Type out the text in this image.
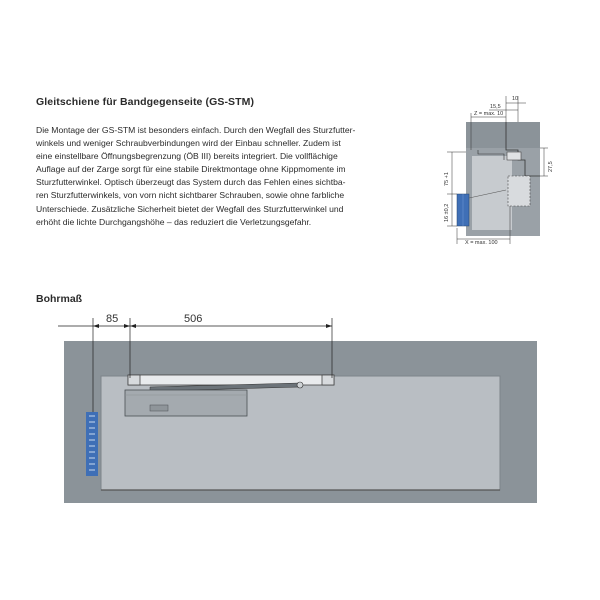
Gleitschiene für Bandgegenseite (GS-STM)
Die Montage der GS-STM ist besonders einfach. Durch den Wegfall des Sturzfutter-
winkels und weniger Schraubverbindungen wird der Einbau schneller. Zudem ist
eine einstellbare Öffnungsbegrenzung (ÖB III) bereits integriert. Die vollflächige
Auflage auf der Zarge sorgt für eine stabile Direktmontage ohne Kippmomente im
Sturzfutterwinkel. Optisch überzeugt das System durch das Fehlen eines sichtba-
ren Sturzfutterwinkels, von vorn nicht sichtbarer Schrauben, sowie ohne farbliche
Unterschiede. Zusätzliche Sicherheit bietet der Wegfall des Sturzfutterwinkel und
erhöht die lichte Durchgangshöhe – das reduziert die Verletzungsgefahr.
10
15,5
Z = max. 10
75 +1
16 ±0,2
27,5
X = max. 100
Bohrmaß
85	506
